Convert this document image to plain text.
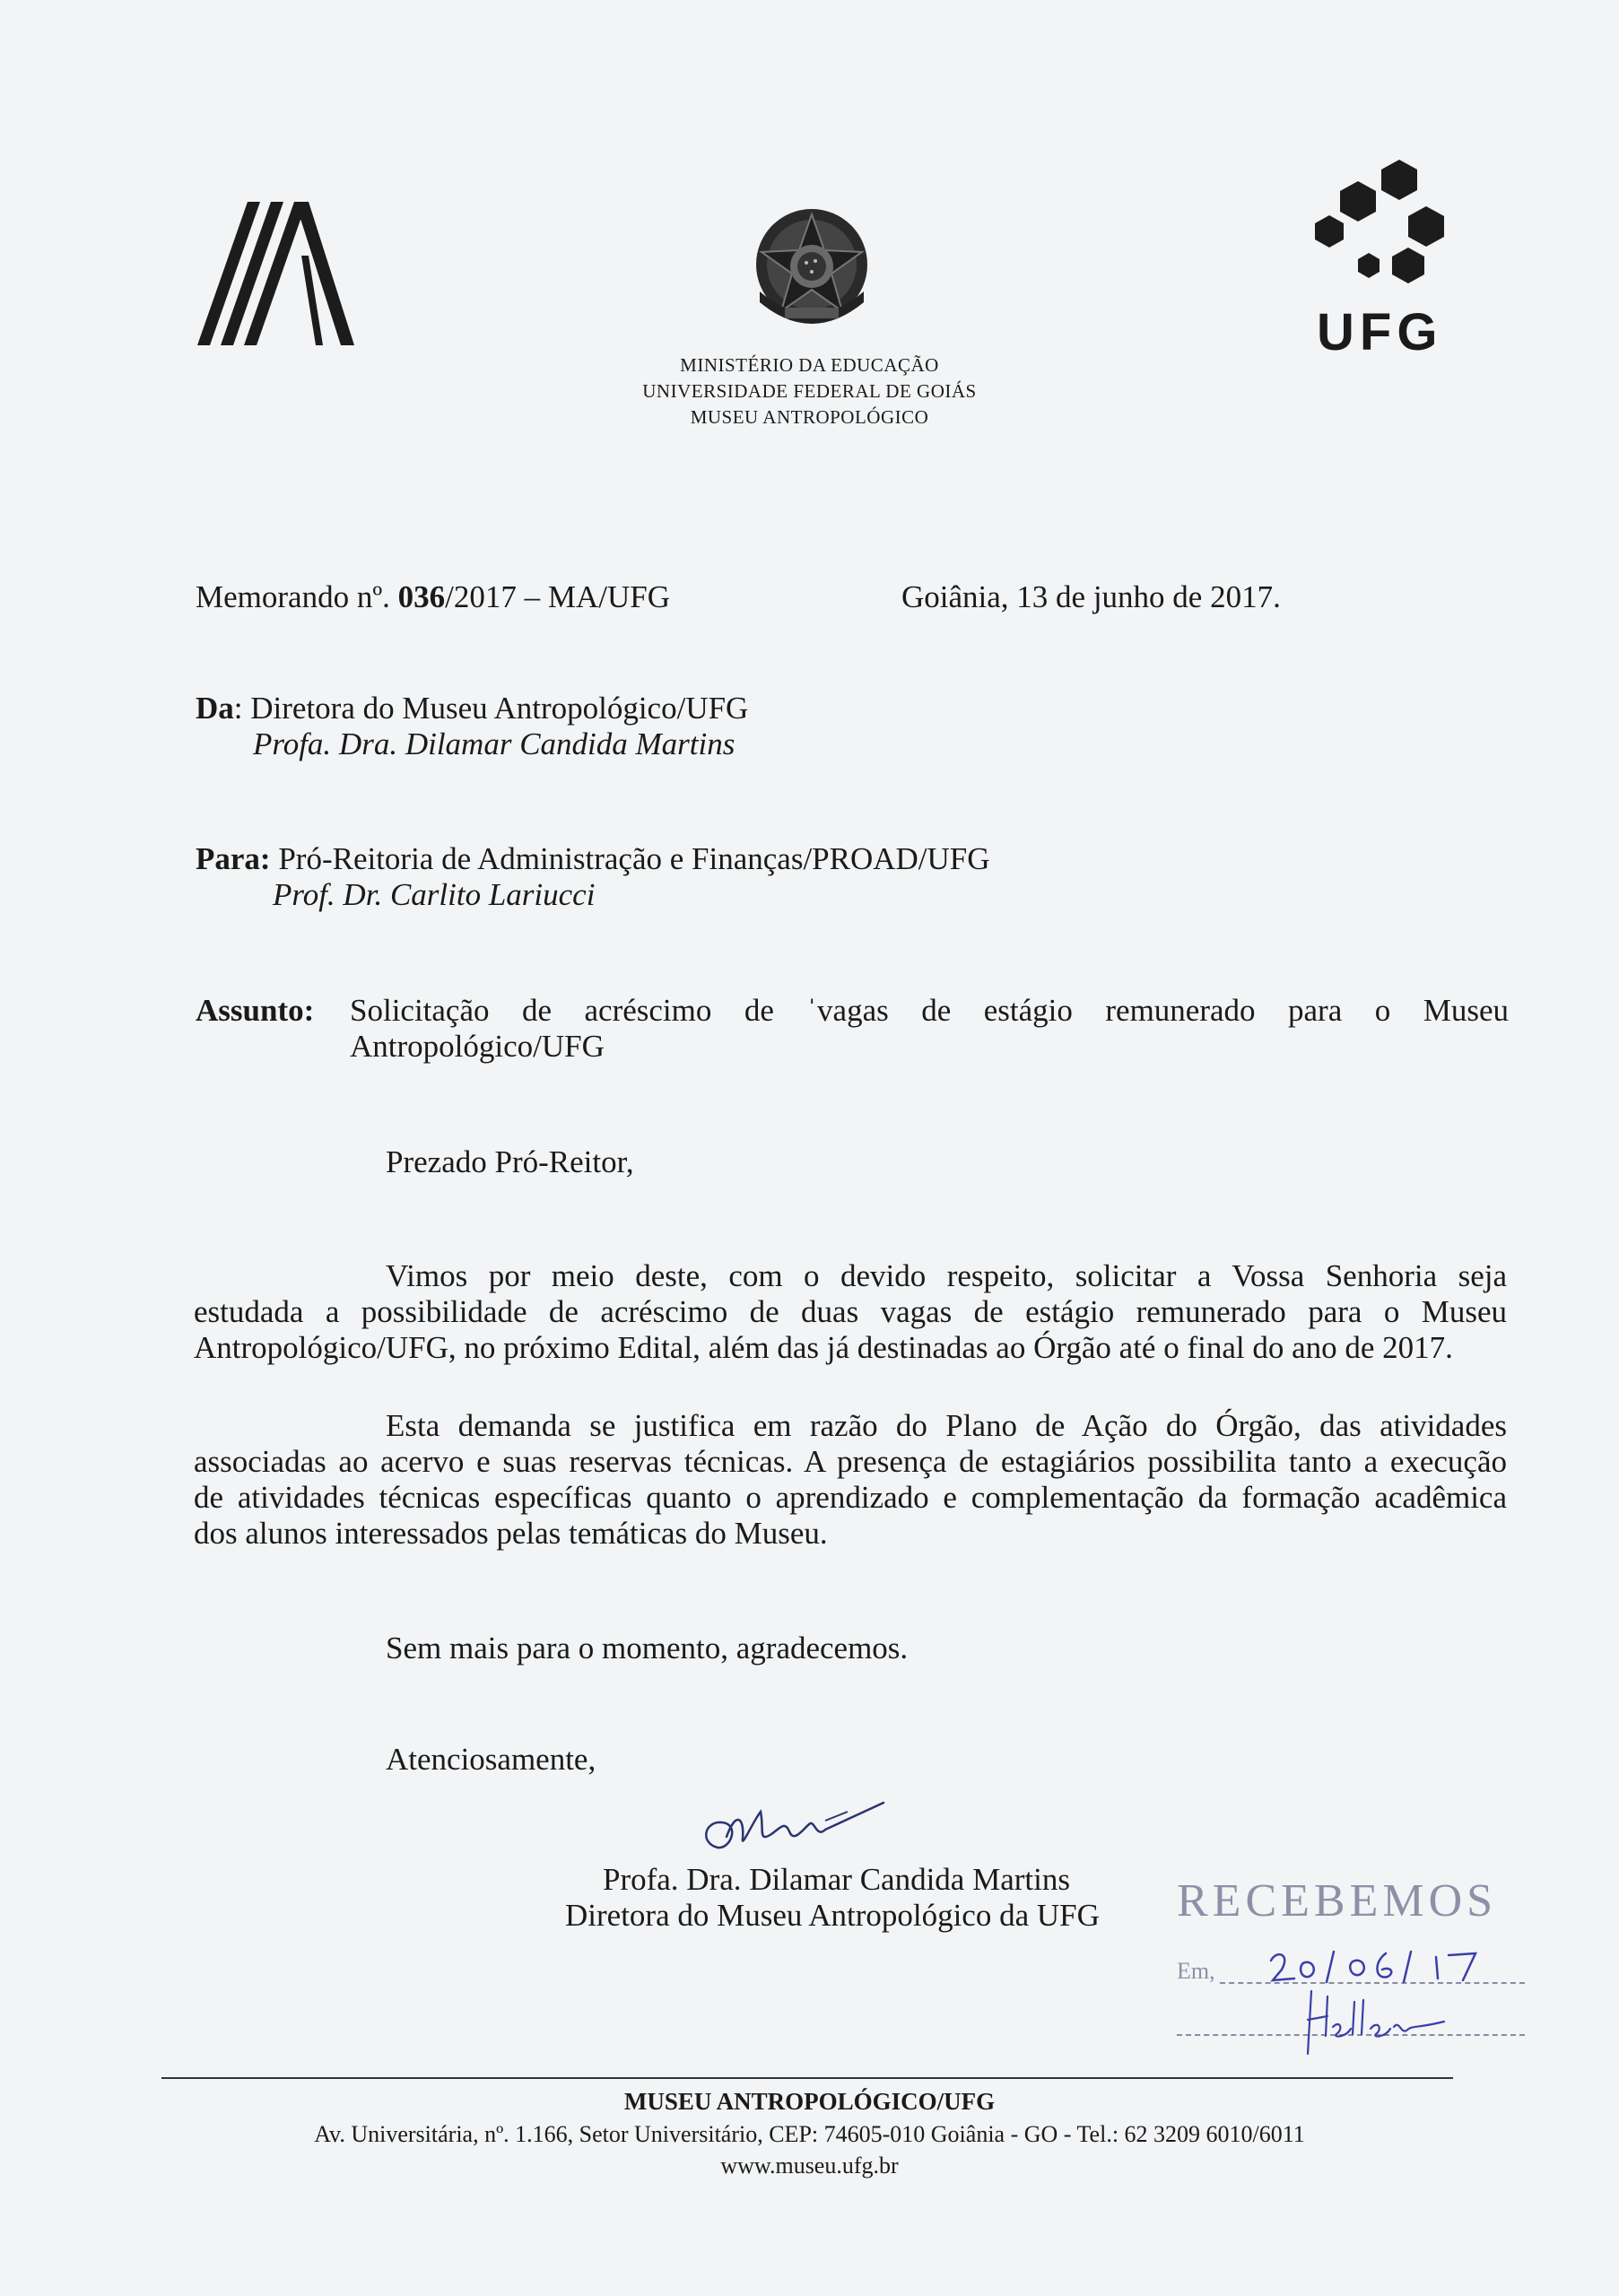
UFG
MINISTÉRIO DA EDUCAÇÃO
UNIVERSIDADE FEDERAL DE GOIÁS
MUSEU ANTROPOLÓGICO
Memorando nº. 036/2017 – MA/UFG	Goiânia, 13 de junho de 2017.
Da: Diretora do Museu Antropológico/UFG
Profa. Dra. Dilamar Candida Martins
Para: Pró-Reitoria de Administração e Finanças/PROAD/UFG
Prof. Dr. Carlito Lariucci
Assunto: Solicitação de acréscimo de ˈvagas de estágio remunerado para o Museu
Antropológico/UFG
Prezado Pró-Reitor,
Vimos por meio deste, com o devido respeito, solicitar a Vossa Senhoria seja
estudada a possibilidade de acréscimo de duas vagas de estágio remunerado para o Museu
Antropológico/UFG, no próximo Edital, além das já destinadas ao Órgão até o final do ano de 2017.
Esta demanda se justifica em razão do Plano de Ação do Órgão, das atividades
associadas ao acervo e suas reservas técnicas. A presença de estagiários possibilita tanto a execução
de atividades técnicas específicas quanto o aprendizado e complementação da formação acadêmica
dos alunos interessados pelas temáticas do Museu.
Sem mais para o momento, agradecemos.
Atenciosamente,
Profa. Dra. Dilamar Candida Martins
Diretora do Museu Antropológico da UFG RECEBEMOS
Em,
MUSEU ANTROPOLÓGICO/UFG
Av. Universitária, nº. 1.166, Setor Universitário, CEP: 74605-010 Goiânia - GO - Tel.: 62 3209 6010/6011
www.museu.ufg.br
